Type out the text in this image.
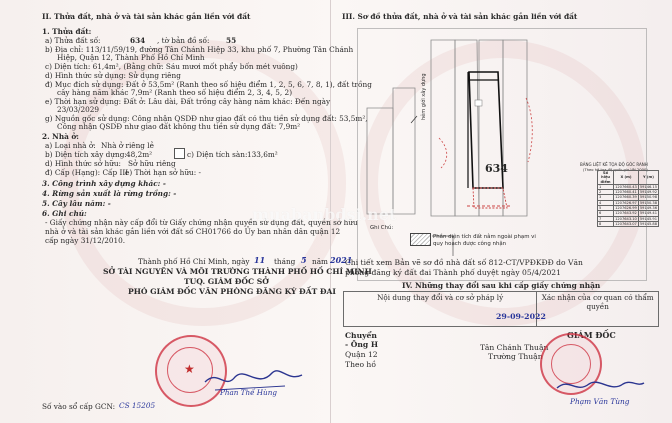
II. Thửa đất, nhà ở và tài sản khác gắn liền với đất
1. Thửa đất:
a) Thửa đất số:	634 , tờ bản đồ số: 55
b) Địa chỉ: 113/11/59/19, đường Tân Chánh Hiệp 33, khu phố 7, Phường Tân Chánh
Hiệp, Quận 12, Thành Phố Hồ Chí Minh
c) Diện tích: 61,4m², (Bằng chữ: Sáu mươi mốt phẩy bốn mét vuông)
d) Hình thức sử dụng: Sử dụng riêng
đ) Mục đích sử dụng: Đất ở 53,5m² (Ranh theo số hiệu điểm 1, 2, 5, 6, 7, 8, 1), đất trồng
cây hàng năm khác 7,9m² (Ranh theo số hiệu điểm 2, 3, 4, 5, 2)
e) Thời hạn sử dụng: Đất ở: Lâu dài, Đất trồng cây hàng năm khác: Đến ngày
23/03/2029
g) Nguồn gốc sử dụng: Công nhận QSDĐ như giao đất có thu tiền sử dụng đất: 53,5m²,
Công nhận QSDĐ như giao đất không thu tiền sử dụng đất: 7,9m²
2. Nhà ở:
a) Loại nhà ở: Nhà ở riêng lẻ
b) Diện tích xây dựng: 48,2m²	c) Diện tích sàn: 133,6m²
d) Hình thức sở hữu: Sở hữu riêng
đ) Cấp (Hạng): Cấp III
e) Thời hạn sở hữu: -
3. Công trình xây dựng khác: -
4. Rừng sản xuất là rừng trồng: -
5. Cây lâu năm: -
6. Ghi chú:
- Giấy chứng nhận này cấp đổi từ Giấy chứng nhận quyền sử dụng đất, quyền sở hữu
nhà ở và tài sản khác gắn liền với đất số CH01766 do Ủy ban nhân dân quận 12
cấp ngày 31/12/2010.
Thành phố Hồ Chí Minh, ngày 11 tháng 5 năm 2021
SỞ TÀI NGUYÊN VÀ MÔI TRƯỜNG THÀNH PHỐ HỒ CHÍ MINH
TUQ. GIÁM ĐỐC SỞ
PHÓ GIÁM ĐỐC VĂN PHÒNG ĐĂNG KÝ ĐẤT ĐAI
★
Phan Thế Hùng
Số vào sổ cấp GCN: CS 15205
III. Sơ đồ thửa đất, nhà ở và tài sản khác gắn liền với đất
634
hẻm giới xây dựng
BẢNG LIỆT KÊ TỌA ĐỘ GÓC RANH
(Theo hệ tọa độ quốc gia VN-2000)
Số hiệu điểm	X (m)	Y (m)
1	1207660.43	59146.15
2	1207660.41	59149.92
3	1207660.39	59150.98
4	1207626.97	59150.38
5	1207626.99	59149.36
6	1207643.92	59149.41
7	1207643.10	59145.91
8	1207643.07	59145.88
Ghi Chú:
Phần diện tích đất nằm ngoài phạm vi
quy hoạch được công nhận
Chi tiết xem Bản vẽ sơ đồ nhà đất số 812-CT/VPĐKĐĐ do Văn
phòng đăng ký đất đai Thành phố duyệt ngày 05/4/2021
IV. Những thay đổi sau khi cấp giấy chứng nhận
Nội dung thay đổi và cơ sở pháp lý	Xác nhận của cơ quan có thẩm quyền
29-09-2022
Chuyển
- Ông H
Quận 12
Theo hồ
Tân Chánh Thuận
Trường Thuận
GIÁM ĐỐC
Phạm Văn Tùng
muabanbdsi.net
